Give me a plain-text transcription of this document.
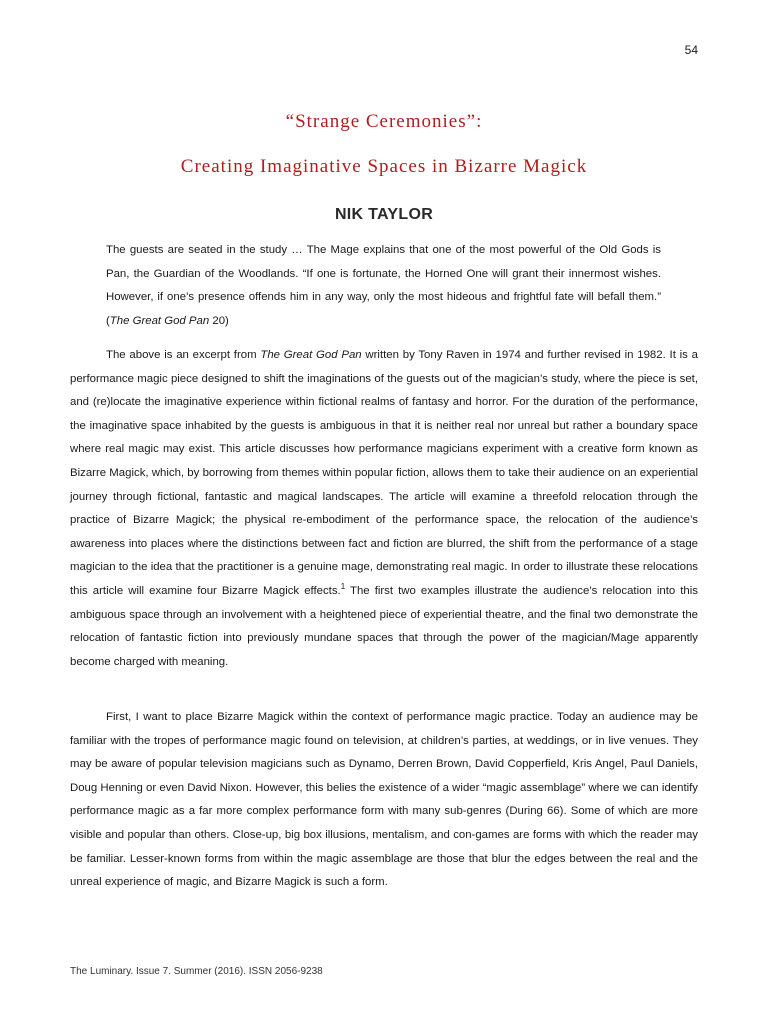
54
“Strange Ceremonies”:
Creating Imaginative Spaces in Bizarre Magick
NIK TAYLOR

The guests are seated in the study … The Mage explains that one of the most powerful of the Old Gods is Pan, the Guardian of the Woodlands. “If one is fortunate, the Horned One will grant their innermost wishes. However, if one’s presence offends him in any way, only the most hideous and frightful fate will befall them.” (The Great God Pan 20)

The above is an excerpt from The Great God Pan written by Tony Raven in 1974 and further revised in 1982. It is a performance magic piece designed to shift the imaginations of the guests out of the magician’s study, where the piece is set, and (re)locate the imaginative experience within fictional realms of fantasy and horror. For the duration of the performance, the imaginative space inhabited by the guests is ambiguous in that it is neither real nor unreal but rather a boundary space where real magic may exist. This article discusses how performance magicians experiment with a creative form known as Bizarre Magick, which, by borrowing from themes within popular fiction, allows them to take their audience on an experiential journey through fictional, fantastic and magical landscapes. The article will examine a threefold relocation through the practice of Bizarre Magick; the physical re-embodiment of the performance space, the relocation of the audience’s awareness into places where the distinctions between fact and fiction are blurred, the shift from the performance of a stage magician to the idea that the practitioner is a genuine mage, demonstrating real magic. In order to illustrate these relocations this article will examine four Bizarre Magick effects.$^1$ The first two examples illustrate the audience’s relocation into this ambiguous space through an involvement with a heightened piece of experiential theatre, and the final two demonstrate the relocation of fantastic fiction into previously mundane spaces that through the power of the magician/Mage apparently become charged with meaning.

First, I want to place Bizarre Magick within the context of performance magic practice. Today an audience may be familiar with the tropes of performance magic found on television, at children’s parties, at weddings, or in live venues. They may be aware of popular television magicians such as Dynamo, Derren Brown, David Copperfield, Kris Angel, Paul Daniels, Doug Henning or even David Nixon. However, this belies the existence of a wider “magic assemblage” where we can identify performance magic as a far more complex performance form with many sub-genres (During 66). Some of which are more visible and popular than others. Close-up, big box illusions, mentalism, and con-games are forms with which the reader may be familiar. Lesser-known forms from within the magic assemblage are those that blur the edges between the real and the unreal experience of magic, and Bizarre Magick is such a form.

The Luminary. Issue 7. Summer (2016). ISSN 2056-9238
